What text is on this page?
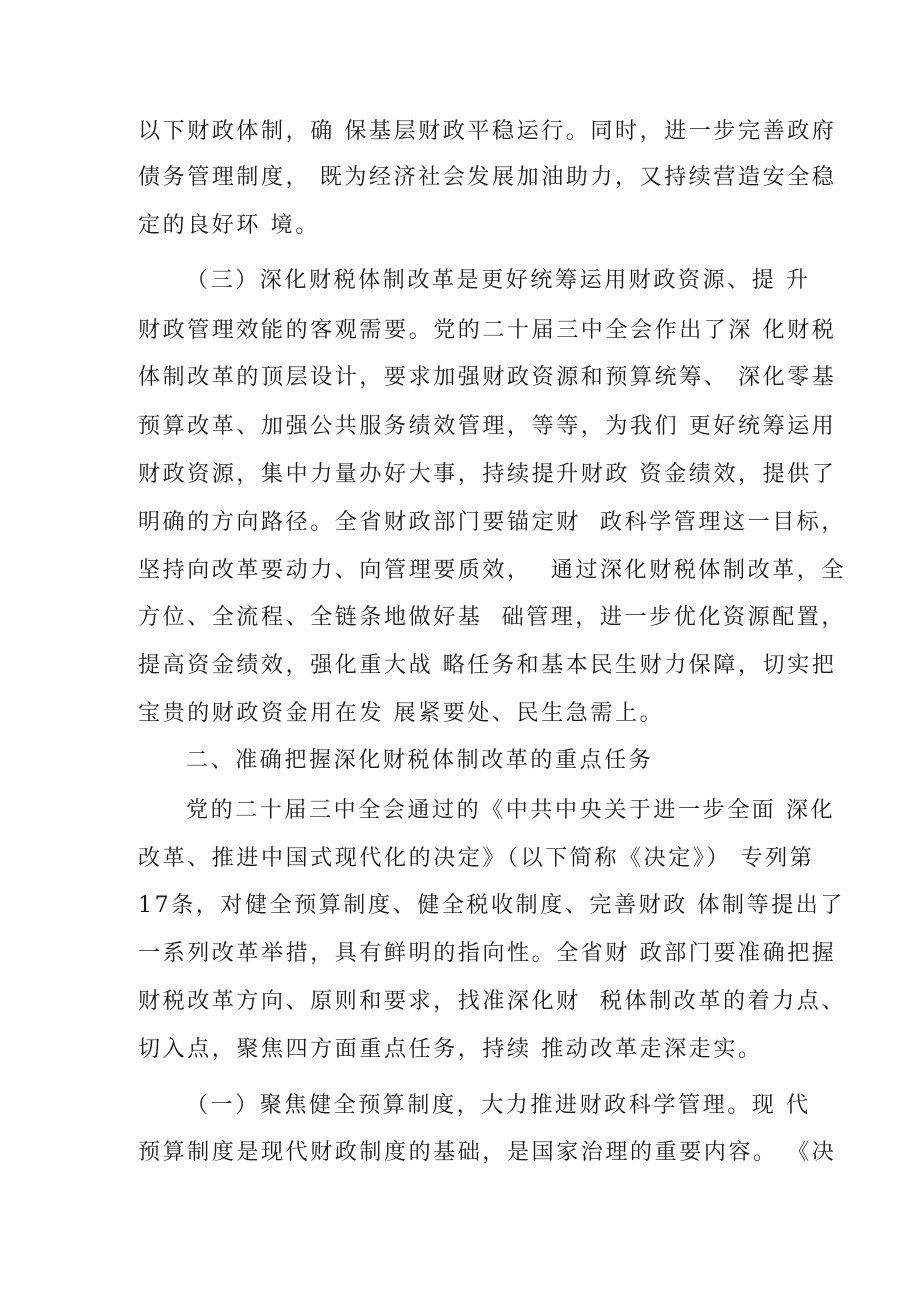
以下财政体制，确 保基层财政平稳运行。同时，进一步完善政府
债务管理制度， 既为经济社会发展加油助力，又持续营造安全稳
定的良好环 境。
（三）深化财税体制改革是更好统筹运用财政资源、提 升
财政管理效能的客观需要。党的二十届三中全会作出了深 化财税
体制改革的顶层设计，要求加强财政资源和预算统筹、 深化零基
预算改革、加强公共服务绩效管理，等等，为我们 更好统筹运用
财政资源，集中力量办好大事，持续提升财政 资金绩效，提供了
明确的方向路径。全省财政部门要锚定财  政科学管理这一目标，
坚持向改革要动力、向管理要质效，  通过深化财税体制改革，全
方位、全流程、全链条地做好基  础管理，进一步优化资源配置，
提高资金绩效，强化重大战 略任务和基本民生财力保障，切实把
宝贵的财政资金用在发 展紧要处、民生急需上。
二、准确把握深化财税体制改革的重点任务
党的二十届三中全会通过的《中共中央关于进一步全面 深化
改革、推进中国式现代化的决定》（以下简称《决定》） 专列第
17条，对健全预算制度、健全税收制度、完善财政 体制等提出了
一系列改革举措，具有鲜明的指向性。全省财 政部门要准确把握
财税改革方向、原则和要求，找准深化财  税体制改革的着力点、
切入点，聚焦四方面重点任务，持续 推动改革走深走实。
（一）聚焦健全预算制度，大力推进财政科学管理。现 代
预算制度是现代财政制度的基础，是国家治理的重要内容。 《决
